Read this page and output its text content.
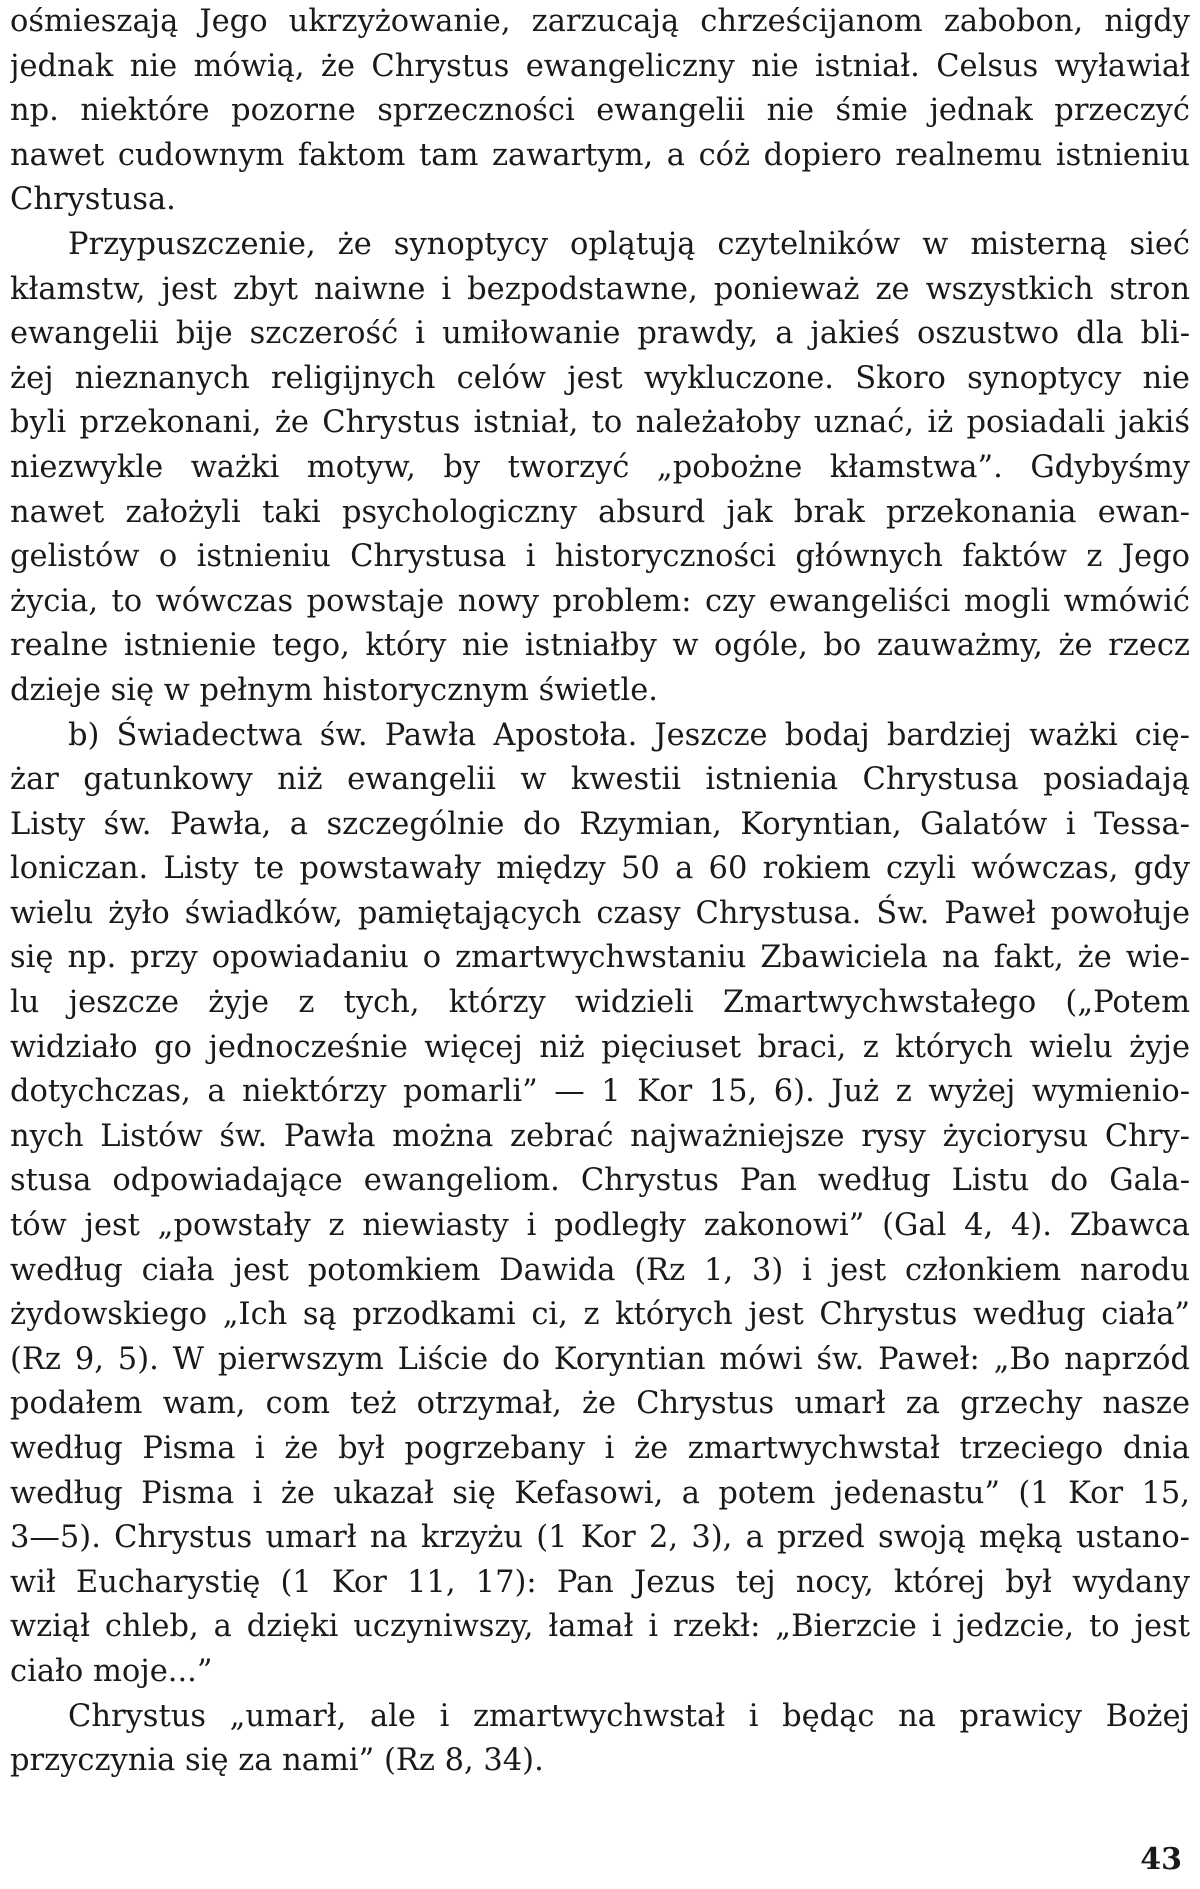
ośmieszają Jego ukrzyżowanie, zarzucają chrześcijanom zabobon, nigdy
jednak nie mówią, że Chrystus ewangeliczny nie istniał. Celsus wyławiał
np. niektóre pozorne sprzeczności ewangelii nie śmie jednak przeczyć
nawet cudownym faktom tam zawartym, a cóż dopiero realnemu istnieniu
Chrystusa.
Przypuszczenie, że synoptycy oplątują czytelników w misterną sieć
kłamstw, jest zbyt naiwne i bezpodstawne, ponieważ ze wszystkich stron
ewangelii bije szczerość i umiłowanie prawdy, a jakieś oszustwo dla bli-
żej nieznanych religijnych celów jest wykluczone. Skoro synoptycy nie
byli przekonani, że Chrystus istniał, to należałoby uznać, iż posiadali jakiś
niezwykle ważki motyw, by tworzyć „pobożne kłamstwa”. Gdybyśmy
nawet założyli taki psychologiczny absurd jak brak przekonania ewan-
gelistów o istnieniu Chrystusa i historyczności głównych faktów z Jego
życia, to wówczas powstaje nowy problem: czy ewangeliści mogli wmówić
realne istnienie tego, który nie istniałby w ogóle, bo zauważmy, że rzecz
dzieje się w pełnym historycznym świetle.
b) Świadectwa św. Pawła Apostoła. Jeszcze bodaj bardziej ważki cię-
żar gatunkowy niż ewangelii w kwestii istnienia Chrystusa posiadają
Listy św. Pawła, a szczególnie do Rzymian, Koryntian, Galatów i Tessa-
loniczan. Listy te powstawały między 50 a 60 rokiem czyli wówczas, gdy
wielu żyło świadków, pamiętających czasy Chrystusa. Św. Paweł powołuje
się np. przy opowiadaniu o zmartwychwstaniu Zbawiciela na fakt, że wie-
lu jeszcze żyje z tych, którzy widzieli Zmartwychwstałego („Potem
widziało go jednocześnie więcej niż pięciuset braci, z których wielu żyje
dotychczas, a niektórzy pomarli” — 1 Kor 15, 6). Już z wyżej wymienio-
nych Listów św. Pawła można zebrać najważniejsze rysy życiorysu Chry-
stusa odpowiadające ewangeliom. Chrystus Pan według Listu do Gala-
tów jest „powstały z niewiasty i podległy zakonowi” (Gal 4, 4). Zbawca
według ciała jest potomkiem Dawida (Rz 1, 3) i jest członkiem narodu
żydowskiego „Ich są przodkami ci, z których jest Chrystus według ciała”
(Rz 9, 5). W pierwszym Liście do Koryntian mówi św. Paweł: „Bo naprzód
podałem wam, com też otrzymał, że Chrystus umarł za grzechy nasze
według Pisma i że był pogrzebany i że zmartwychwstał trzeciego dnia
według Pisma i że ukazał się Kefasowi, a potem jedenastu” (1 Kor 15,
3—5). Chrystus umarł na krzyżu (1 Kor 2, 3), a przed swoją męką ustano-
wił Eucharystię (1 Kor 11, 17): Pan Jezus tej nocy, której był wydany
wziął chleb, a dzięki uczyniwszy, łamał i rzekł: „Bierzcie i jedzcie, to jest
ciało moje...”
Chrystus „umarł, ale i zmartwychwstał i będąc na prawicy Bożej
przyczynia się za nami” (Rz 8, 34).
43
